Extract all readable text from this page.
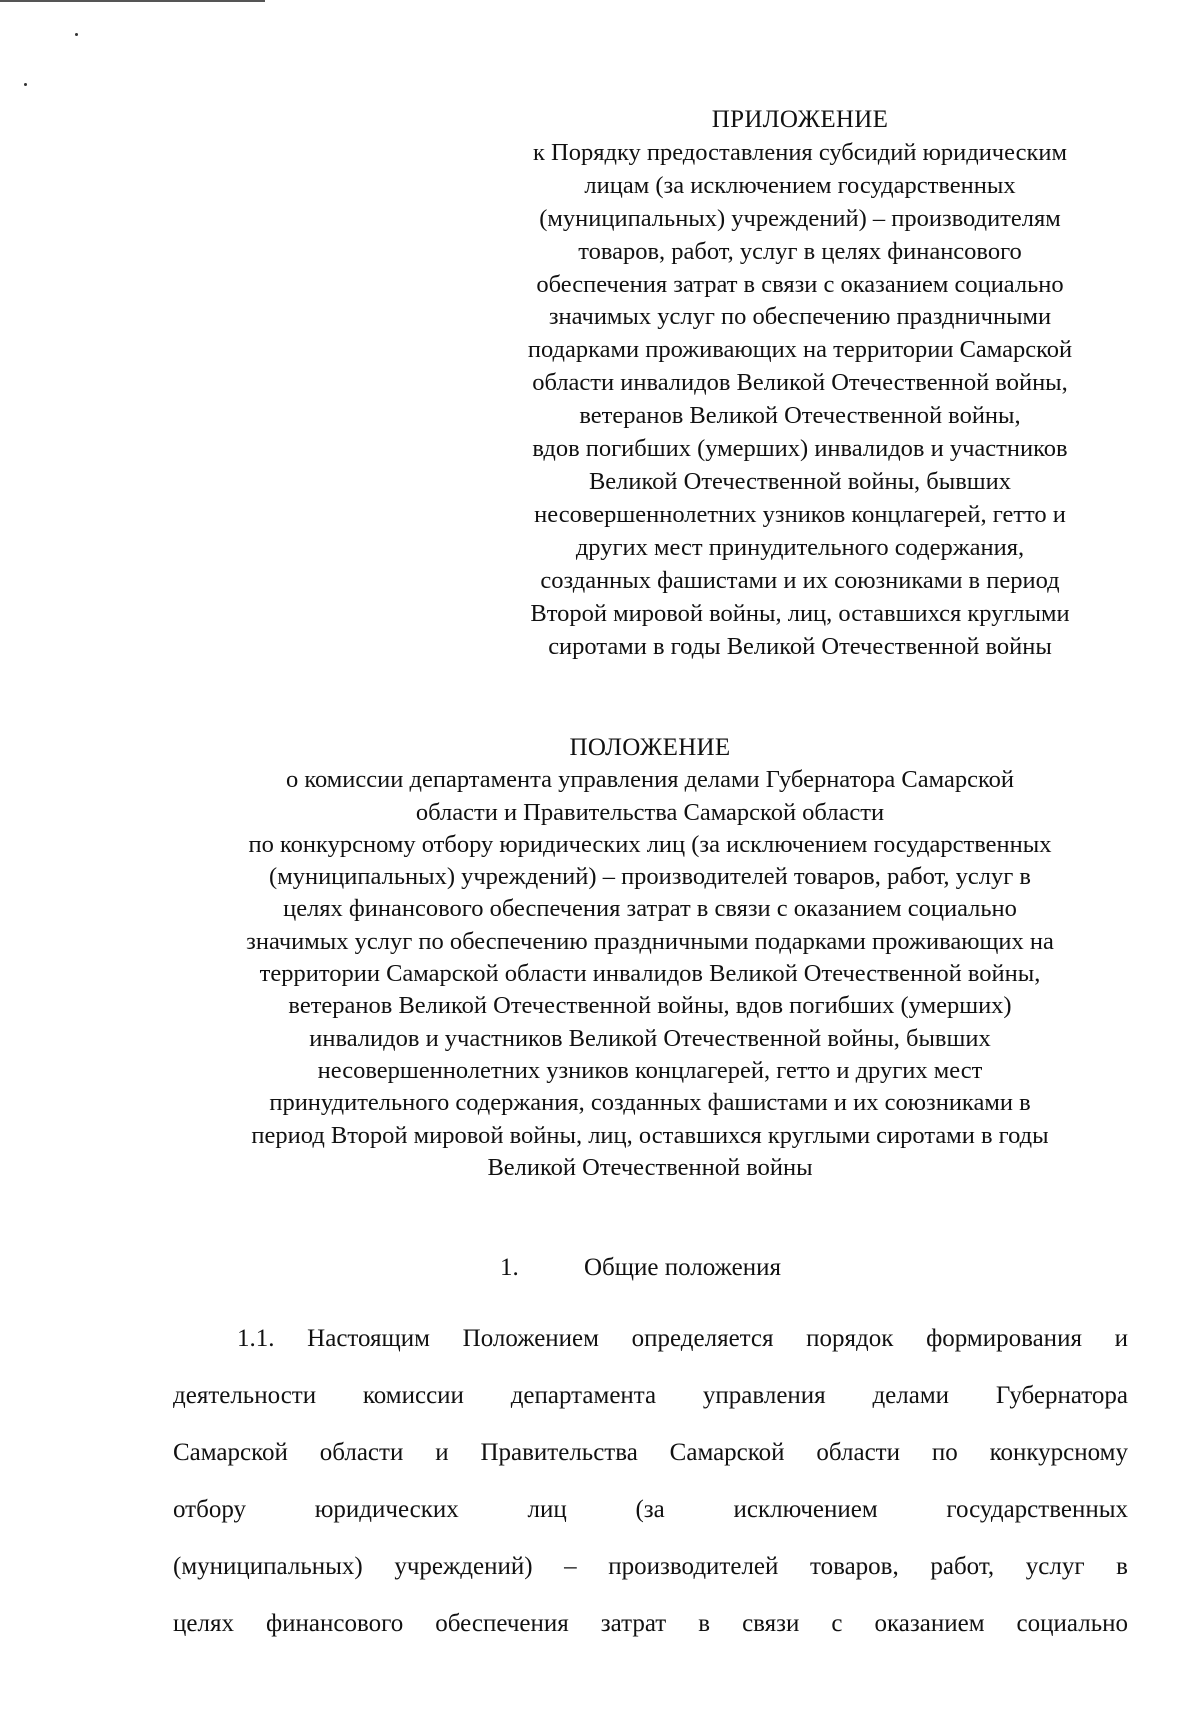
ПРИЛОЖЕНИЕ
к Порядку предоставления субсидий юридическим
лицам (за исключением государственных
(муниципальных) учреждений) – производителям
товаров, работ, услуг в целях финансового
обеспечения затрат в связи с оказанием социально
значимых услуг по обеспечению праздничными
подарками проживающих на территории Самарской
области инвалидов Великой Отечественной войны,
ветеранов Великой Отечественной войны,
вдов погибших (умерших) инвалидов и участников
Великой Отечественной войны, бывших
несовершеннолетних узников концлагерей, гетто и
других мест принудительного содержания,
созданных фашистами и их союзниками в период
Второй мировой войны, лиц, оставшихся круглыми
сиротами в годы Великой Отечественной войны
ПОЛОЖЕНИЕ
о комиссии департамента управления делами Губернатора Самарской
области и Правительства Самарской области
по конкурсному отбору юридических лиц (за исключением государственных
(муниципальных) учреждений) – производителей товаров, работ, услуг в
целях финансового обеспечения затрат в связи с оказанием социально
значимых услуг по обеспечению праздничными подарками проживающих на
территории Самарской области инвалидов Великой Отечественной войны,
ветеранов Великой Отечественной войны, вдов погибших (умерших)
инвалидов и участников Великой Отечественной войны, бывших
несовершеннолетних узников концлагерей, гетто и других мест
принудительного содержания, созданных фашистами и их союзниками в
период Второй мировой войны, лиц, оставшихся круглыми сиротами в годы
Великой Отечественной войны
1.	Общие положения
1.1. Настоящим Положением определяется порядок формирования и
деятельности комиссии департамента управления делами Губернатора
Самарской области и Правительства Самарской области по конкурсному
отбору юридических лиц (за исключением государственных
(муниципальных) учреждений) – производителей товаров, работ, услуг в
целях финансового обеспечения затрат в связи с оказанием социально
